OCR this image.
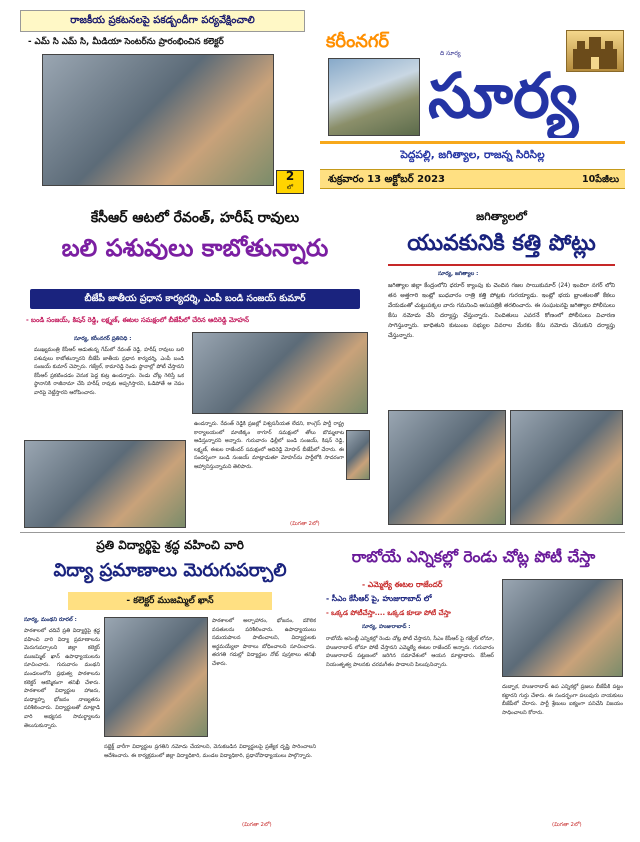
రాజకీయ ప్రకటనలపై పకడ్బందీగా పర్యవేక్షించాలి
- ఎమ్ సి ఎమ్ సి, మీడియా సెంటర్‌ను ప్రారంభించిన కలెక్టర్
2
లో
కరీంనగర్
ది సూర్య
సూర్య
పెద్దపల్లి, జగిత్యాల, రాజన్న సిరిసిల్ల
శుక్రవారం 13 అక్టోబర్ 2023	10పేజీలు
కేసీఆర్ ఆటలో రేవంత్, హరీష్ రావులు
బలి పశువులు కాబోతున్నారు
బీజేపీ జాతీయ ప్రధాన కార్యదర్శి, ఎంపీ బండి సంజయ్ కుమార్
- బండి సంజయ్, కిషన్ రెడ్డి, లక్ష్మణ్, ఈటల సమక్షంలో బీజేపీలో చేరిన ఆదిరెడ్డి మోహన్
సూర్య, కరీంనగర్ ప్రతినిధి :
ముఖ్యమంత్రి కేసీఆర్ ఆడుతున్న గేమ్‌లో రేవంత్ రెడ్డి, హరీష్ రావులు బలి పశువులు కాబోతున్నారని బీజేపీ జాతీయ ప్రధాన కార్యదర్శి, ఎంపీ బండి సంజయ్ కుమార్ చెప్పారు. గజ్వేల్, కామారెడ్డి రెండు స్థానాల్లో పోటీ చేస్తానని కేసీఆర్ ప్రకటించడం వెనుక పెద్ద కుట్ర ఉందన్నారు. రెండు చోట్ల గెలిస్తే ఒక స్థానానికి రాజీనామా చేసి హరీష్ రావుకు అప్పగిస్తారని, ఓడిపోతే ఆ నెపం వారిపై నెట్టేస్తారని ఆరోపించారు.
ఉందన్నారు. రేవంత్ రెడ్డికి ప్రజల్లో విశ్వసనీయత లేదని, కాంగ్రెస్ పార్టీ రాష్ట్ర కార్యాలయంలో మాణిక్కం ఠాగూర్ సమక్షంలో తోలు బొమ్మలాట ఆడిస్తున్నారని అన్నారు. గురువారం ఢిల్లీలో బండి సంజయ్, కిషన్ రెడ్డి, లక్ష్మణ్, ఈటల రాజేందర్ సమక్షంలో ఆదిరెడ్డి మోహన్ బీజేపీలో చేరారు. ఈ సందర్భంగా బండి సంజయ్ మాట్లాడుతూ మోహన్‌ను పార్టీలోకి సాదరంగా ఆహ్వానిస్తున్నామని తెలిపారు.
(మిగతా 2లో)
జగిత్యాలలో
యువకునికి కత్తి పోట్లు
సూర్య, జగిత్యాల :
జగిత్యాల జిల్లా కేంద్రంలోని ధరూర్ క్యాంపు కు చెందిన గజల సాయికుమార్ (24) ఇందిరా నగర్ లోని తన అత్తగారి ఇంట్లో బుధవారం రాత్రి కత్తి పోట్లకు గురయ్యాడు. ఇంట్లో భయ భ్రాంతులతో కేకలు వేయడంతో చుట్టుపక్కల వారు గమనించి ఆసుపత్రికి తరలించారు. ఈ సంఘటనపై జగిత్యాల పోలీసులు కేసు నమోదు చేసి దర్యాప్తు చేస్తున్నారు. నిందితులు ఎవరనే కోణంలో పోలీసులు విచారణ సాగిస్తున్నారు. బాధితుని కుటుంబ సభ్యుల వివరాల మేరకు కేసు నమోదు చేసుకుని దర్యాప్తు చేస్తున్నారు.
ప్రతి విద్యార్థిపై శ్రద్ధ వహించి వారి
విద్యా ప్రమాణాలు మెరుగుపర్చాలి
- కలెక్టర్ ముజమ్మిల్ ఖాన్
సూర్య, మంథని రూరల్ :
పాఠశాలలో చదివే ప్రతి విద్యార్థిపై శ్రద్ధ వహించి వారి విద్యా ప్రమాణాలను మెరుగుపర్చాలని జిల్లా కలెక్టర్ ముజమ్మిల్ ఖాన్ ఉపాధ్యాయులను సూచించారు. గురువారం మంథని మండలంలోని ప్రభుత్వ పాఠశాలను కలెక్టర్ ఆకస్మికంగా తనిఖీ చేశారు. పాఠశాలలో విద్యార్థుల హాజరు, మధ్యాహ్న భోజనం నాణ్యతను పరిశీలించారు. విద్యార్థులతో మాట్లాడి వారి అభ్యసన సామర్థ్యాలను తెలుసుకున్నారు.
పాఠశాలలో అల్పాహారం, భోజనం, మౌలిక వసతులను పరిశీలించారు. ఉపాధ్యాయులు సమయపాలన పాటించాలని, విద్యార్థులకు అర్థమయ్యేలా పాఠాలు బోధించాలని సూచించారు. తరగతి గదుల్లో విద్యార్థుల నోట్ పుస్తకాలు తనిఖీ చేశారు.
సబ్జెక్ట్ వారీగా విద్యార్థుల ప్రగతిని నమోదు చేయాలని, వెనుకబడిన విద్యార్థులపై ప్రత్యేక దృష్టి సారించాలని ఆదేశించారు. ఈ కార్యక్రమంలో జిల్లా విద్యాధికారి, మండల విద్యాధికారి, ప్రధానోపాధ్యాయులు పాల్గొన్నారు.
(మిగతా 2లో)
రాబోయే ఎన్నికల్లో రెండు చోట్ల పోటీ చేస్తా
- ఎమ్మెల్యే ఈటల రాజేందర్
- సీఎం కేసీఆర్ పై, హుజురాబాద్ లో
- ఒక్కడ పోటీచేస్తా.... ఒక్కడ కూడా పోటీ చేస్తా
సూర్య, హుజురాబాద్ :
రాబోయే అసెంబ్లీ ఎన్నికల్లో రెండు చోట్ల పోటీ చేస్తానని, సీఎం కేసీఆర్ పై గజ్వేల్ లోనూ, హుజురాబాద్ లోనూ పోటీ చేస్తానని ఎమ్మెల్యే ఈటల రాజేందర్ అన్నారు. గురువారం హుజురాబాద్ పట్టణంలో జరిగిన సమావేశంలో ఆయన మాట్లాడారు. కేసీఆర్ నియంతృత్వ పాలనకు చరమగీతం పాడాలని పిలుపునిచ్చారు.
దుబ్బాక, హుజురాబాద్ ఉప ఎన్నికల్లో ప్రజలు బీజేపీకి పట్టం కట్టారని గుర్తు చేశారు. ఈ సందర్భంగా పలువురు నాయకులు బీజేపీలో చేరారు. పార్టీ శ్రేణులు ఐక్యంగా పనిచేసి విజయం సాధించాలని కోరారు.
(మిగతా 2లో)
